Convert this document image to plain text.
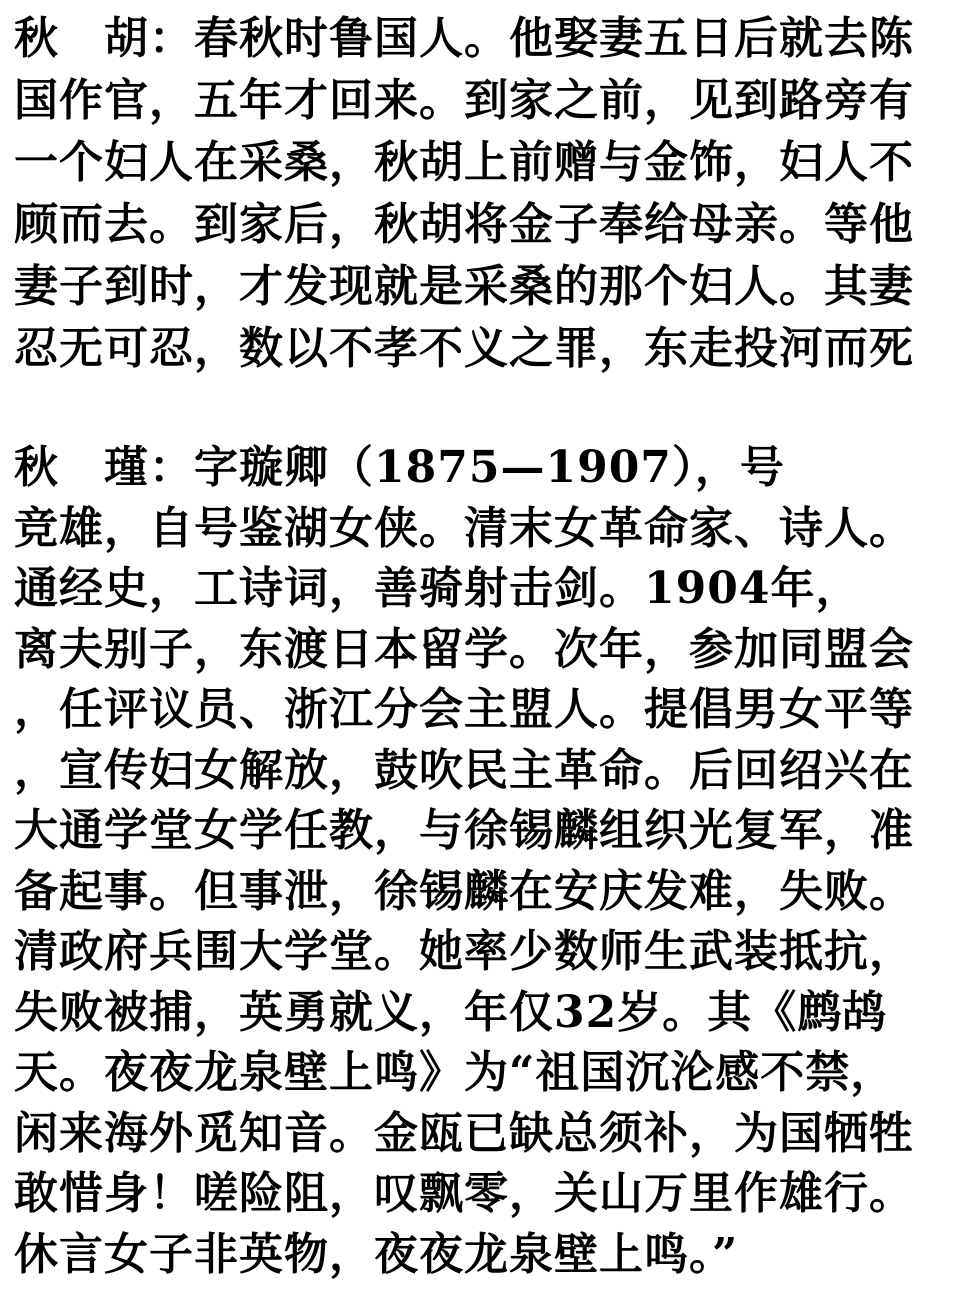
秋　胡：春秋时鲁国人。他娶妻五日后就去陈
国作官，五年才回来。到家之前，见到路旁有
一个妇人在采桑，秋胡上前赠与金饰，妇人不
顾而去。到家后，秋胡将金子奉给母亲。等他
妻子到时，才发现就是采桑的那个妇人。其妻
忍无可忍，数以不孝不义之罪，东走投河而死
秋　瑾：字璇卿（1875—1907），号
竞雄，自号鉴湖女侠。清末女革命家、诗人。
通经史，工诗词，善骑射击剑。1904年，
离夫别子，东渡日本留学。次年，参加同盟会
，任评议员、浙江分会主盟人。提倡男女平等
，宣传妇女解放，鼓吹民主革命。后回绍兴在
大通学堂女学任教，与徐锡麟组织光复军，准
备起事。但事泄，徐锡麟在安庆发难，失败。
清政府兵围大学堂。她率少数师生武装抵抗，
失败被捕，英勇就义，年仅32岁。其《鹧鸪
天。夜夜龙泉壁上鸣》为“祖国沉沦感不禁，
闲来海外觅知音。金瓯已缺总须补，为国牺牲
敢惜身！嗟险阻，叹飘零，关山万里作雄行。
休言女子非英物，夜夜龙泉壁上鸣。”
